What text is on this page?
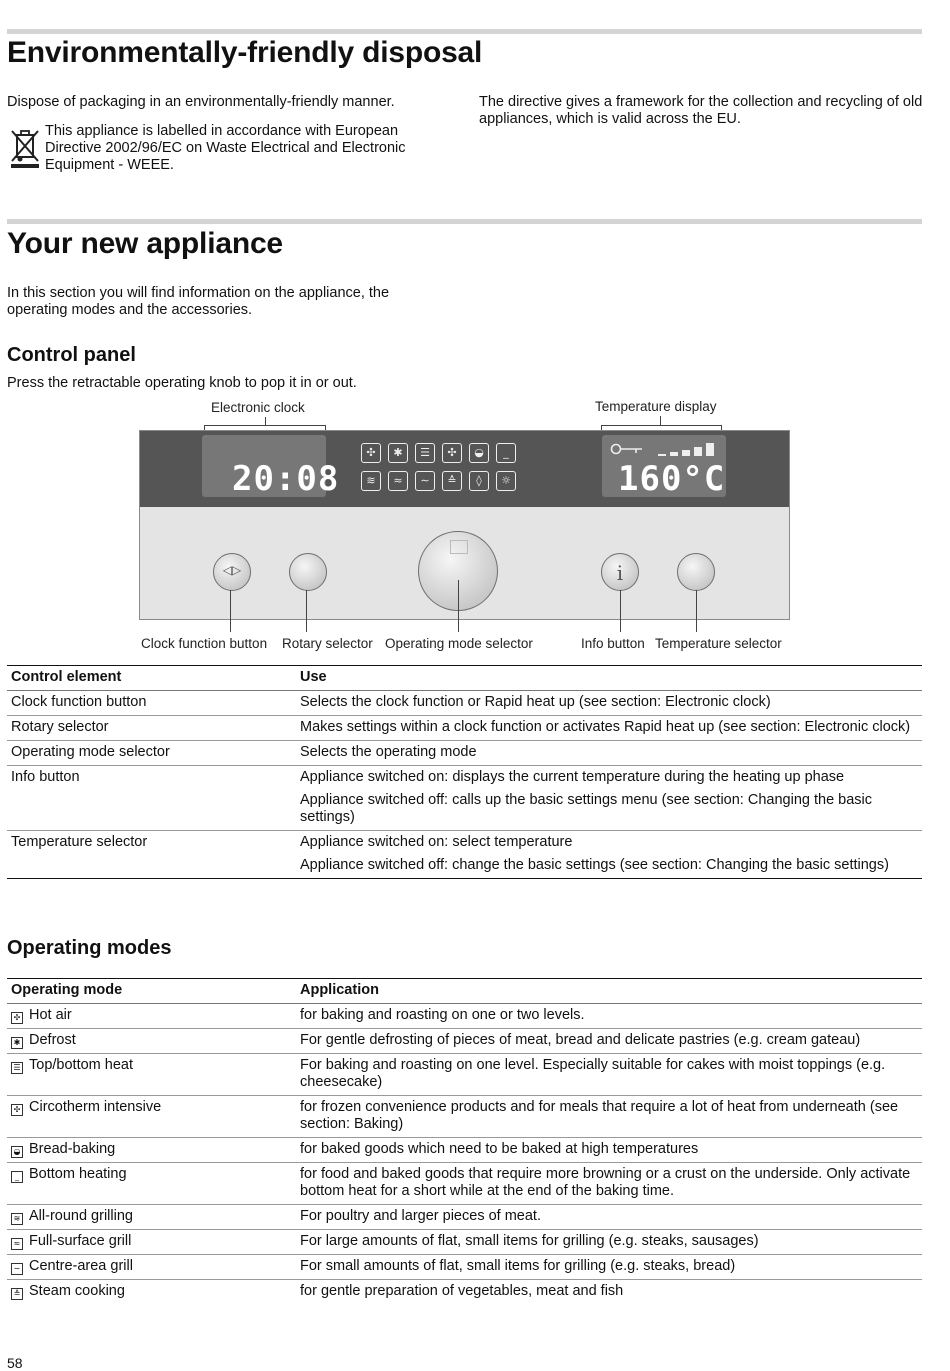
Environmentally-friendly disposal
Dispose of packaging in an environmentally-friendly manner.
This appliance is labelled in accordance with European Directive 2002/96/EC on Waste Electrical and Electronic Equipment - WEEE.
The directive gives a framework for the collection and recycling of old appliances, which is valid across the EU.
Your new appliance
In this section you will find information on the appliance, the operating modes and the accessories.
Control panel
Press the retractable operating knob to pop it in or out.
Electronic clock	Temperature display
20:08	160°C
✣	✱	☰	✣	◒	_
≋	≈	∼	≙	◊	☼
◁▷	i
Clock function button Rotary selector Operating mode selector	Info button Temperature selector
Control element	Use
Clock function button	Selects the clock function or Rapid heat up (see section: Electronic clock)

Rotary selector	Makes settings within a clock function or activates Rapid heat up (see section: Electronic clock)

Operating mode selector	Selects the operating mode

Info button	Appliance switched on: displays the current temperature during the heating up phase
Appliance switched off: calls up the basic settings menu (see section: Changing the basic settings)

Temperature selector	Appliance switched on: select temperature
Appliance switched off: change the basic settings (see section: Changing the basic settings)
Operating modes
Operating mode	Application
✣ Hot air	for baking and roasting on one or two levels.
✱ Defrost	For gentle defrosting of pieces of meat, bread and delicate pastries (e.g. cream gateau)
☰ Top/bottom heat	For baking and roasting on one level. Especially suitable for cakes with moist toppings (e.g. cheesecake)
✣ Circotherm intensive	for frozen convenience products and for meals that require a lot of heat from underneath (see section: Baking)
◒ Bread-baking	for baked goods which need to be baked at high temperatures
_ Bottom heating	for food and baked goods that require more browning or a crust on the underside. Only activate bottom heat for a short while at the end of the baking time.
≋ All-round grilling	For poultry and larger pieces of meat.
≈ Full-surface grill	For large amounts of flat, small items for grilling (e.g. steaks, sausages)
∼ Centre-area grill	For small amounts of flat, small items for grilling (e.g. steaks, bread)
≙ Steam cooking	for gentle preparation of vegetables, meat and fish
58
